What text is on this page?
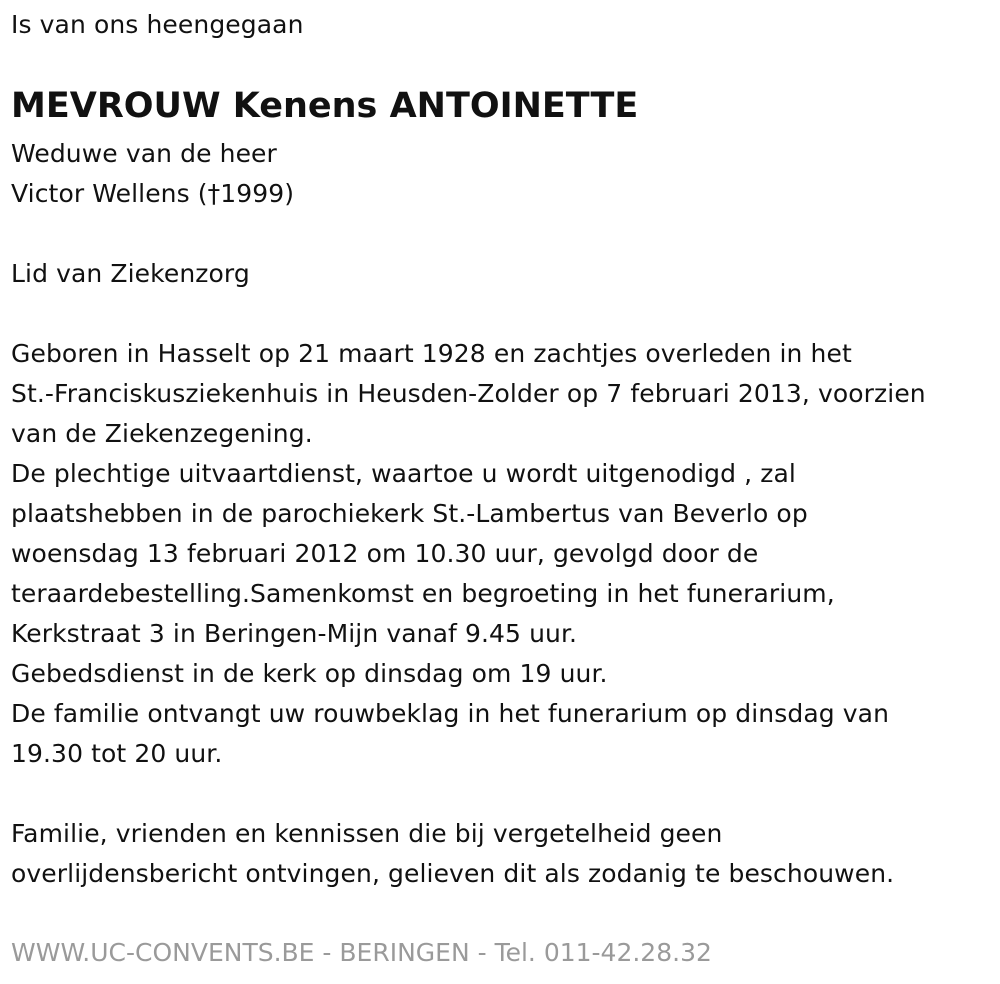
Is van ons heengegaan
MEVROUW Kenens ANTOINETTE
Weduwe van de heer
Victor Wellens (†1999)
Lid van Ziekenzorg
Geboren in Hasselt op 21 maart 1928 en zachtjes overleden in het
St.-Franciskusziekenhuis in Heusden-Zolder op 7 februari 2013, voorzien
van de Ziekenzegening.
De plechtige uitvaartdienst, waartoe u wordt uitgenodigd , zal
plaatshebben in de parochiekerk St.-Lambertus van Beverlo op
woensdag 13 februari 2012 om 10.30 uur, gevolgd door de
teraardebestelling.Samenkomst en begroeting in het funerarium,
Kerkstraat 3 in Beringen-Mijn vanaf 9.45 uur.
Gebedsdienst in de kerk op dinsdag om 19 uur.
De familie ontvangt uw rouwbeklag in het funerarium op dinsdag van
19.30 tot 20 uur.
Familie, vrienden en kennissen die bij vergetelheid geen
overlijdensbericht ontvingen, gelieven dit als zodanig te beschouwen.
WWW.UC-CONVENTS.BE - BERINGEN - Tel. 011-42.28.32
